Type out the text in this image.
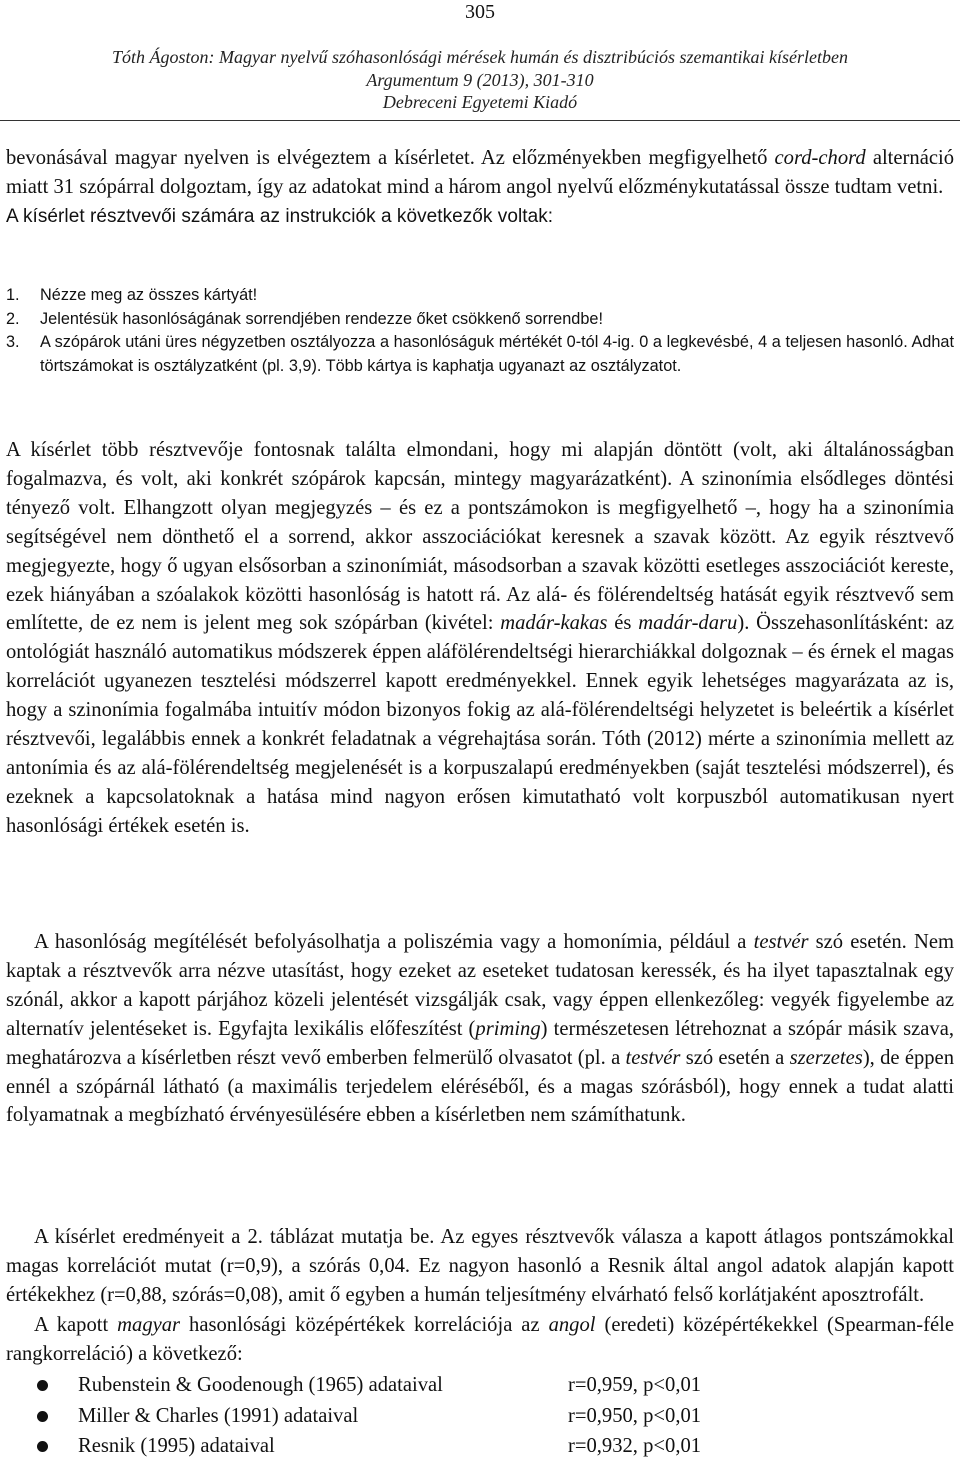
305
Tóth Ágoston: Magyar nyelvű szóhasonlósági mérések humán és disztribúciós szemantikai kísérletben
Argumentum 9 (2013), 301-310
Debreceni Egyetemi Kiadó

bevonásával magyar nyelven is elvégeztem a kísérletet. Az előzményekben megfigyelhető cord-chord alternáció miatt 31 szópárral dolgoztam, így az adatokat mind a három angol nyelvű előzménykutatással össze tudtam vetni.

A kísérlet résztvevői számára az instrukciók a következők voltak:

1. Nézze meg az összes kártyát!
2. Jelentésük hasonlóságának sorrendjében rendezze őket csökkenő sorrendbe!
3. A szópárok utáni üres négyzetben osztályozza a hasonlóságuk mértékét 0-tól 4-ig. 0 a legkevésbé, 4 a teljesen hasonló. Adhat törtszámokat is osztályzatként (pl. 3,9). Több kártya is kaphatja ugyanazt az osztályzatot.

A kísérlet több résztvevője fontosnak találta elmondani, hogy mi alapján döntött (volt, aki általánosságban fogalmazva, és volt, aki konkrét szópárok kapcsán, mintegy magyarázatként). A szinonímia elsődleges döntési tényező volt. Elhangzott olyan megjegyzés – és ez a pontszámokon is megfigyelhető –, hogy ha a szinonímia segítségével nem dönthető el a sorrend, akkor asszociációkat keresnek a szavak között. Az egyik résztvevő megjegyezte, hogy ő ugyan elsősorban a szinonímiát, másodsorban a szavak közötti esetleges asszociációt kereste, ezek hiányában a szóalakok közötti hasonlóság is hatott rá. Az alá- és fölérendeltség hatását egyik résztvevő sem említette, de ez nem is jelent meg sok szópárban (kivétel: madár-kakas és madár-daru). Összehasonlításként: az ontológiát használó automatikus módszerek éppen aláfölérendeltségi hierarchiákkal dolgoznak – és érnek el magas korrelációt ugyanezen tesztelési módszerrel kapott eredményekkel. Ennek egyik lehetséges magyarázata az is, hogy a szinonímia fogalmába intuitív módon bizonyos fokig az alá-fölérendeltségi helyzetet is beleértik a kísérlet résztvevői, legalábbis ennek a konkrét feladatnak a végrehajtása során. Tóth (2012) mérte a szinonímia mellett az antonímia és az alá-fölérendeltség megjelenését is a korpuszalapú eredményekben (saját tesztelési módszerrel), és ezeknek a kapcsolatoknak a hatása mind nagyon erősen kimutatható volt korpuszból automatikusan nyert hasonlósági értékek esetén is.

A hasonlóság megítélését befolyásolhatja a poliszémia vagy a homonímia, például a testvér szó esetén. Nem kaptak a résztvevők arra nézve utasítást, hogy ezeket az eseteket tudatosan keressék, és ha ilyet tapasztalnak egy szónál, akkor a kapott párjához közeli jelentését vizsgálják csak, vagy éppen ellenkezőleg: vegyék figyelembe az alternatív jelentéseket is. Egyfajta lexikális előfeszítést (priming) természetesen létrehoznat a szópár másik szava, meghatározva a kísérletben részt vevő emberben felmerülő olvasatot (pl. a testvér szó esetén a szerzetes), de éppen ennél a szópárnál látható (a maximális terjedelem eléréséből, és a magas szórásból), hogy ennek a tudat alatti folyamatnak a megbízható érvényesülésére ebben a kísérletben nem számíthatunk.

A kísérlet eredményeit a 2. táblázat mutatja be. Az egyes résztvevők válasza a kapott átlagos pontszámokkal magas korrelációt mutat (r=0,9), a szórás 0,04. Ez nagyon hasonló a Resnik által angol adatok alapján kapott értékekhez (r=0,88, szórás=0,08), amit ő egyben a humán teljesítmény elvárható felső korlátjaként aposztrofált.

A kapott magyar hasonlósági középértékek korrelációja az angol (eredeti) középértékekkel (Spearman-féle rangkorreláció) a következő:

Rubenstein & Goodenough (1965) adataival	r=0,959, p<0,01
Miller & Charles (1991) adataival	r=0,950, p<0,01
Resnik (1995) adataival	r=0,932, p<0,01
